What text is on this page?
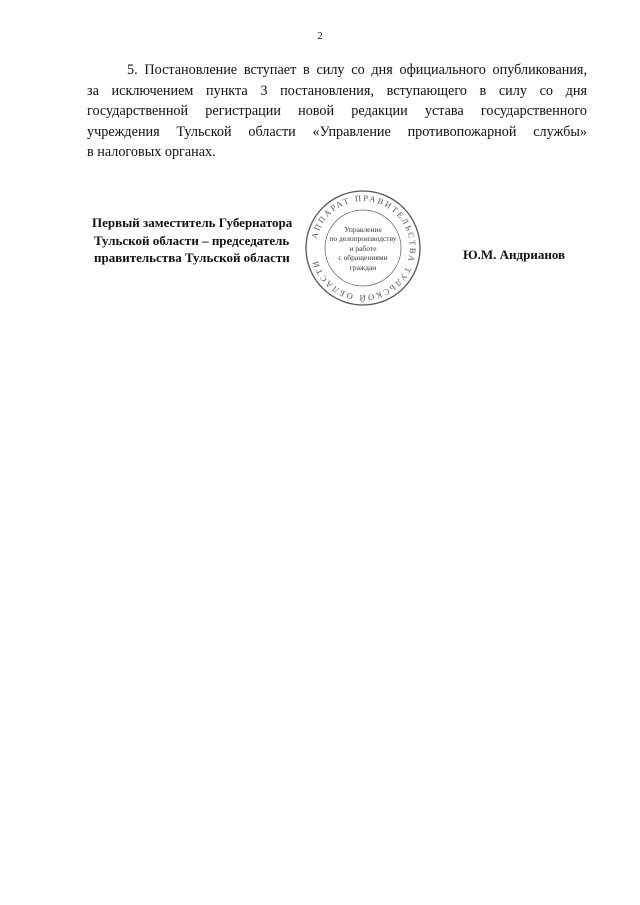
2
5. Постановление вступает в силу со дня официального опубликования,
за исключением пункта 3 постановления, вступающего в силу со дня
государственной регистрации новой редакции устава государственного
учреждения Тульской области «Управление противопожарной службы»
в налоговых органах.
Первый заместитель Губернатора
Тульской области – председатель
правительства Тульской области	Ю.М. Андрианов
АППАРАТ ПРАВИТЕЛЬСТВА ТУЛЬСКОЙ ОБЛАСТИ
Управление
по делопроизводству
и работе
с обращениями
граждан
